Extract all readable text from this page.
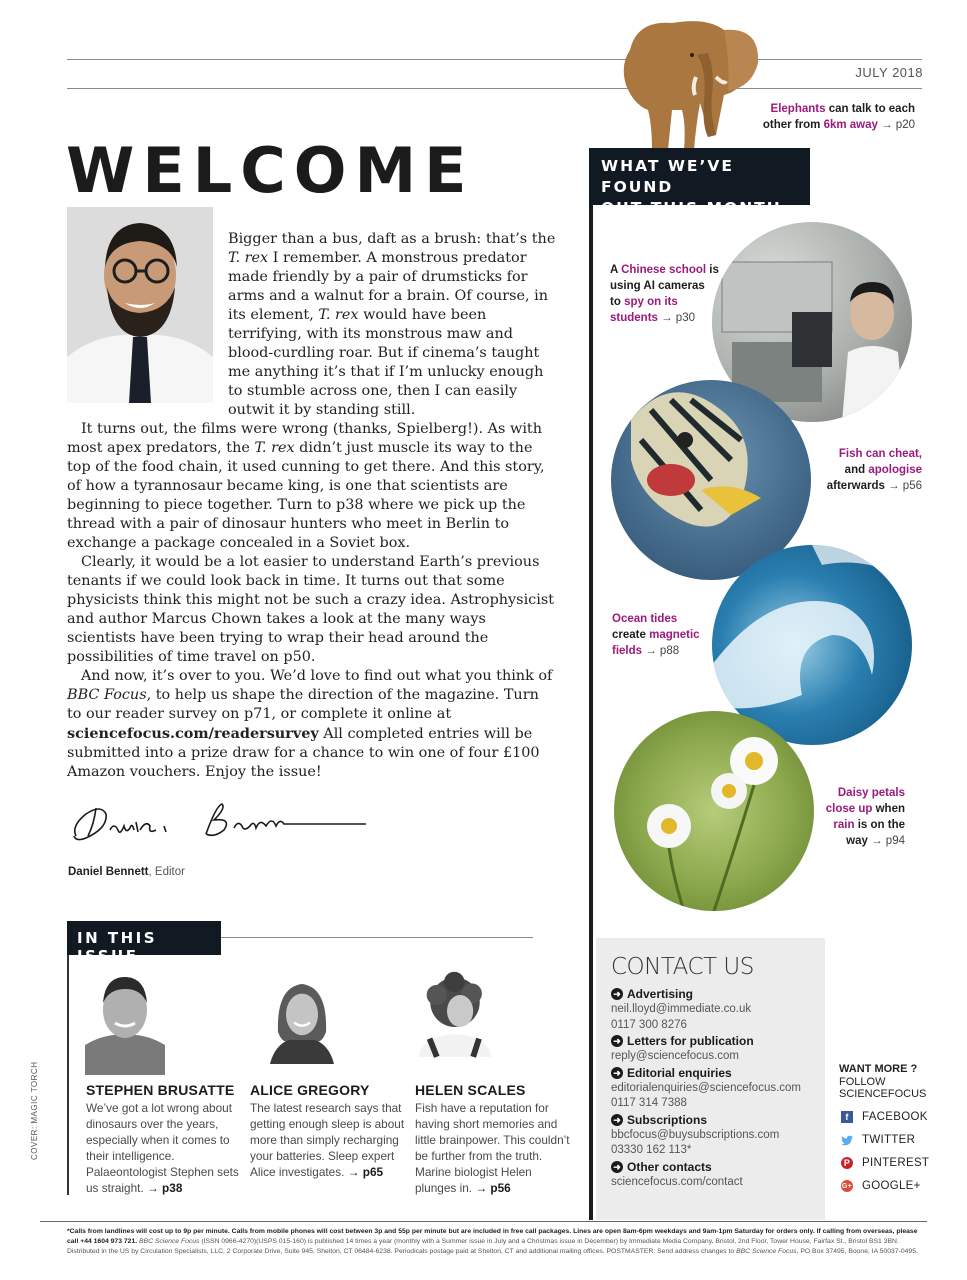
JULY 2018
Elephants can talk to each
other from 6km away → p20
WELCOME

Bigger than a bus, daft as a brush: that’s the T. rex I remember. A monstrous predator made friendly by a pair of drumsticks for arms and a walnut for a brain. Of course, in its element, T. rex would have been terrifying, with its monstrous maw and blood-curdling roar. But if cinema’s taught me anything it’s that if I’m unlucky enough to stumble across one, then I can easily outwit it by standing still.

It turns out, the films were wrong (thanks, Spielberg!). As with most apex predators, the T. rex didn’t just muscle its way to the top of the food chain, it used cunning to get there. And this story, of how a tyrannosaur became king, is one that scientists are beginning to piece together. Turn to p38 where we pick up the thread with a pair of dinosaur hunters who meet in Berlin to exchange a package concealed in a Soviet box.

Clearly, it would be a lot easier to understand Earth’s previous tenants if we could look back in time. It turns out that some physicists think this might not be such a crazy idea. Astrophysicist and author Marcus Chown takes a look at the many ways scientists have been trying to wrap their head around the possibilities of time travel on p50.

And now, it’s over to you. We’d love to find out what you think of BBC Focus, to help us shape the direction of the magazine. Turn to our reader survey on p71, or complete it online at sciencefocus.com/readersurvey All completed entries will be submitted into a prize draw for a chance to win one of four £100 Amazon vouchers. Enjoy the issue!

Daniel Bennett, Editor
IN THIS ISSUE
COVER: MAGIC TORCH	STEPHEN BRUSATTE
We’ve got a lot wrong about dinosaurs over the years, especially when it comes to their intelligence. Palaeontologist Stephen sets us straight. → p38
ALICE GREGORY
The latest research says that getting enough sleep is about more than simply recharging your batteries. Sleep expert Alice investigates. → p65
HELEN SCALES
Fish have a reputation for having short memories and little brainpower. This couldn’t be further from the truth. Marine biologist Helen plunges in. → p56
WHAT WE’VE FOUND
OUT THIS MONTH
A Chinese school is
using AI cameras
to spy on its
students → p30
Fish can cheat,
and apologise
afterwards → p56
Ocean tides
create magnetic
fields → p88
Daisy petals
close up when
rain is on the
way → p94
CONTACT US
➜ Advertising
neil.lloyd@immediate.co.uk
0117 300 8276
➜ Letters for publication
reply@sciencefocus.com
➜ Editorial enquiries
editorialenquiries@sciencefocus.com
0117 314 7388
➜ Subscriptions
bbcfocus@buysubscriptions.com
03330 162 113*
➜ Other contacts
sciencefocus.com/contact
WANT MORE ?
FOLLOW
SCIENCEFOCUS
f	FACEBOOK
TWITTER
P PINTEREST
G+ GOOGLE+
*Calls from landlines will cost up to 9p per minute. Calls from mobile phones will cost between 3p and 55p per minute but are included in free call packages. Lines are open 8am-6pm weekdays and 9am-1pm Saturday for orders only. If calling from overseas, please call +44 1604 973 721. BBC Science Focus (ISSN 0966-4270)(USPS 015-160) is published 14 times a year (monthly with a Summer issue in July and a Christmas issue in December) by Immediate Media Company, Bristol, 2nd Floor, Tower House, Fairfax St., Bristol BS1 3BN. Distributed in the US by Circulation Specialists, LLC, 2 Corporate Drive, Suite 945, Shelton, CT 06484-6238. Periodicals postage paid at Shelton, CT and additional mailing offices. POSTMASTER: Send address changes to BBC Science Focus, PO Box 37495, Boone, IA 50037-0495.
